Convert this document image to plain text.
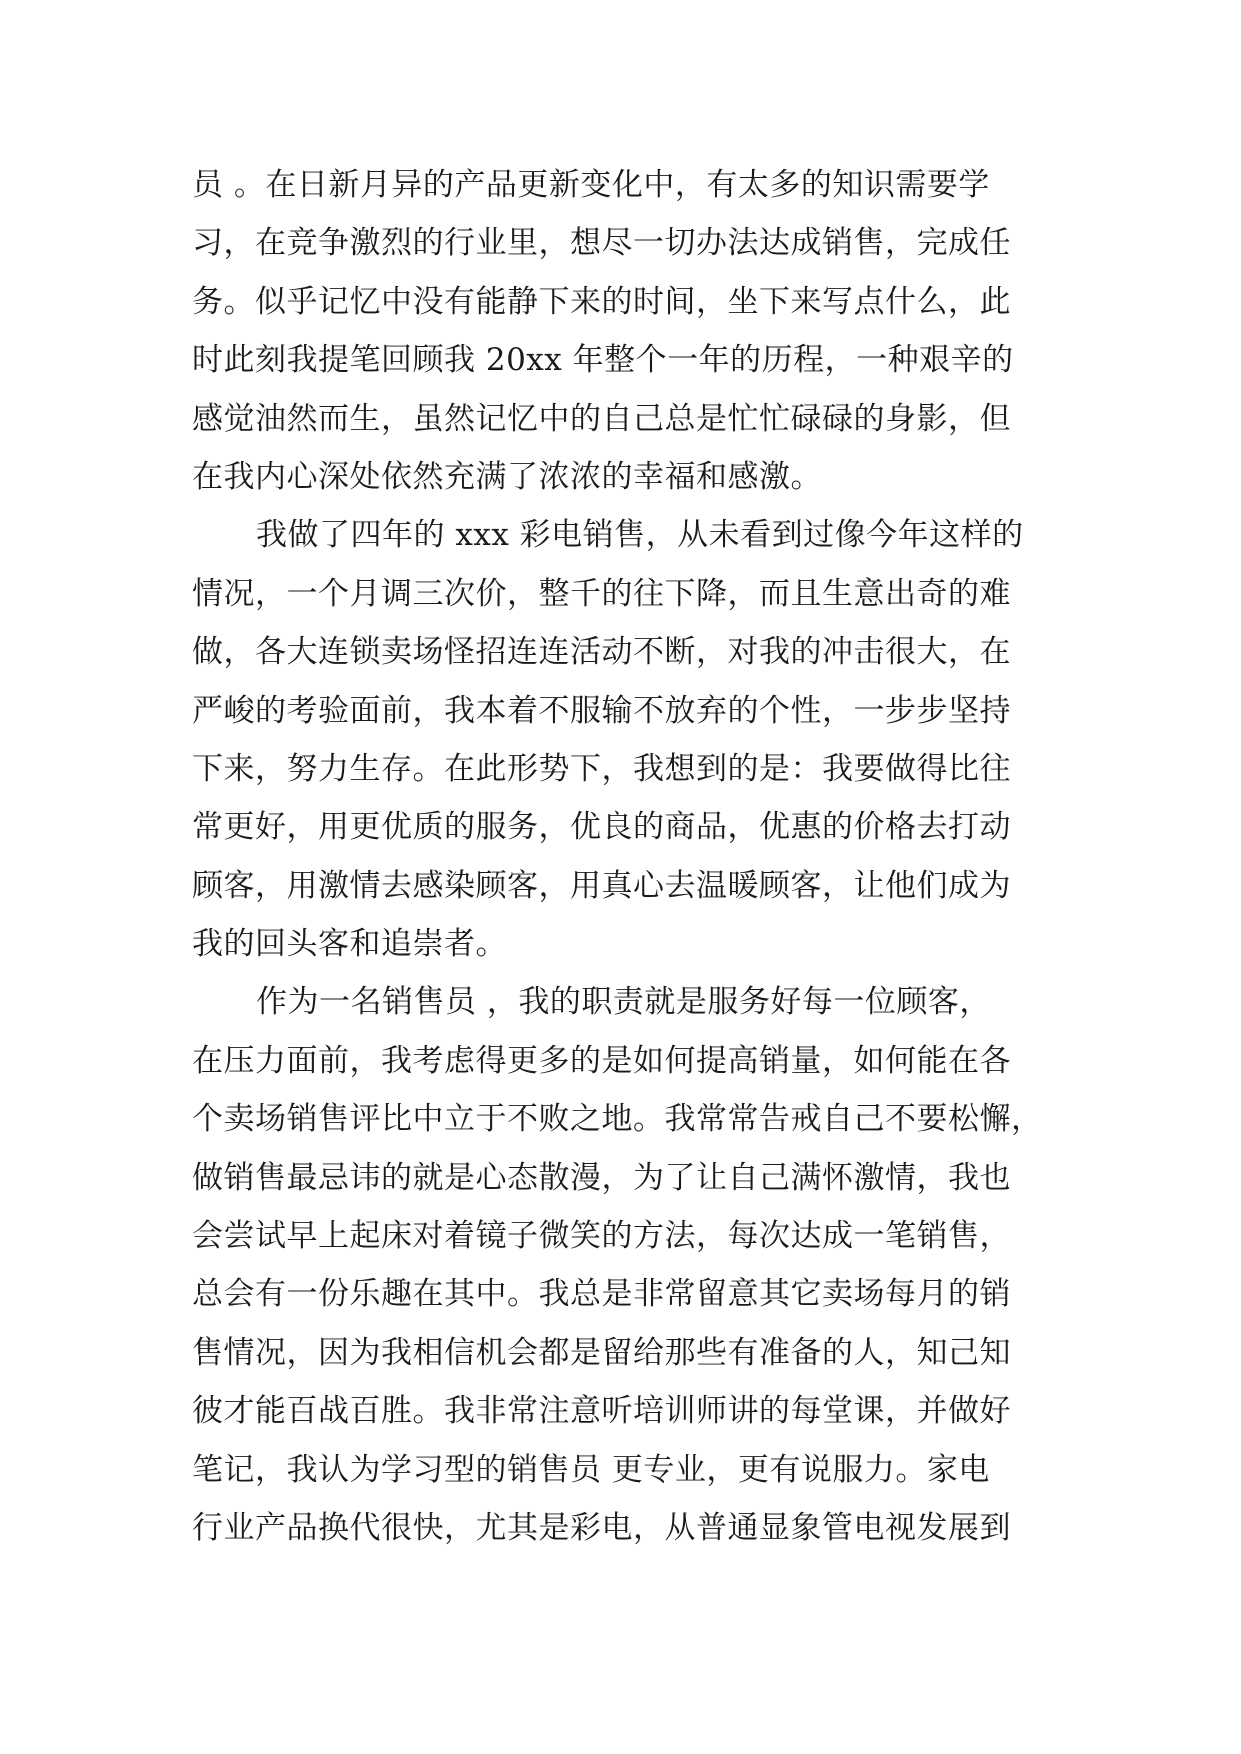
员 。在日新月异的产品更新变化中，有太多的知识需要学
习，在竞争激烈的行业里，想尽一切办法达成销售，完成任
务。似乎记忆中没有能静下来的时间，坐下来写点什么，此
时此刻我提笔回顾我 20xx 年整个一年的历程，一种艰辛的
感觉油然而生，虽然记忆中的自己总是忙忙碌碌的身影，但
在我内心深处依然充满了浓浓的幸福和感激。
我做了四年的 xxx 彩电销售，从未看到过像今年这样的
情况，一个月调三次价，整千的往下降，而且生意出奇的难
做，各大连锁卖场怪招连连活动不断，对我的冲击很大，在
严峻的考验面前，我本着不服输不放弃的个性，一步步坚持
下来，努力生存。在此形势下，我想到的是：我要做得比往
常更好，用更优质的服务，优良的商品，优惠的价格去打动
顾客，用激情去感染顾客，用真心去温暖顾客，让他们成为
我的回头客和追崇者。
作为一名销售员 ，我的职责就是服务好每一位顾客，
在压力面前，我考虑得更多的是如何提高销量，如何能在各
个卖场销售评比中立于不败之地。我常常告戒自己不要松懈，
做销售最忌讳的就是心态散漫，为了让自己满怀激情，我也
会尝试早上起床对着镜子微笑的方法，每次达成一笔销售，
总会有一份乐趣在其中。我总是非常留意其它卖场每月的销
售情况，因为我相信机会都是留给那些有准备的人，知己知
彼才能百战百胜。我非常注意听培训师讲的每堂课，并做好
笔记，我认为学习型的销售员 更专业，更有说服力。家电
行业产品换代很快，尤其是彩电，从普通显象管电视发展到
